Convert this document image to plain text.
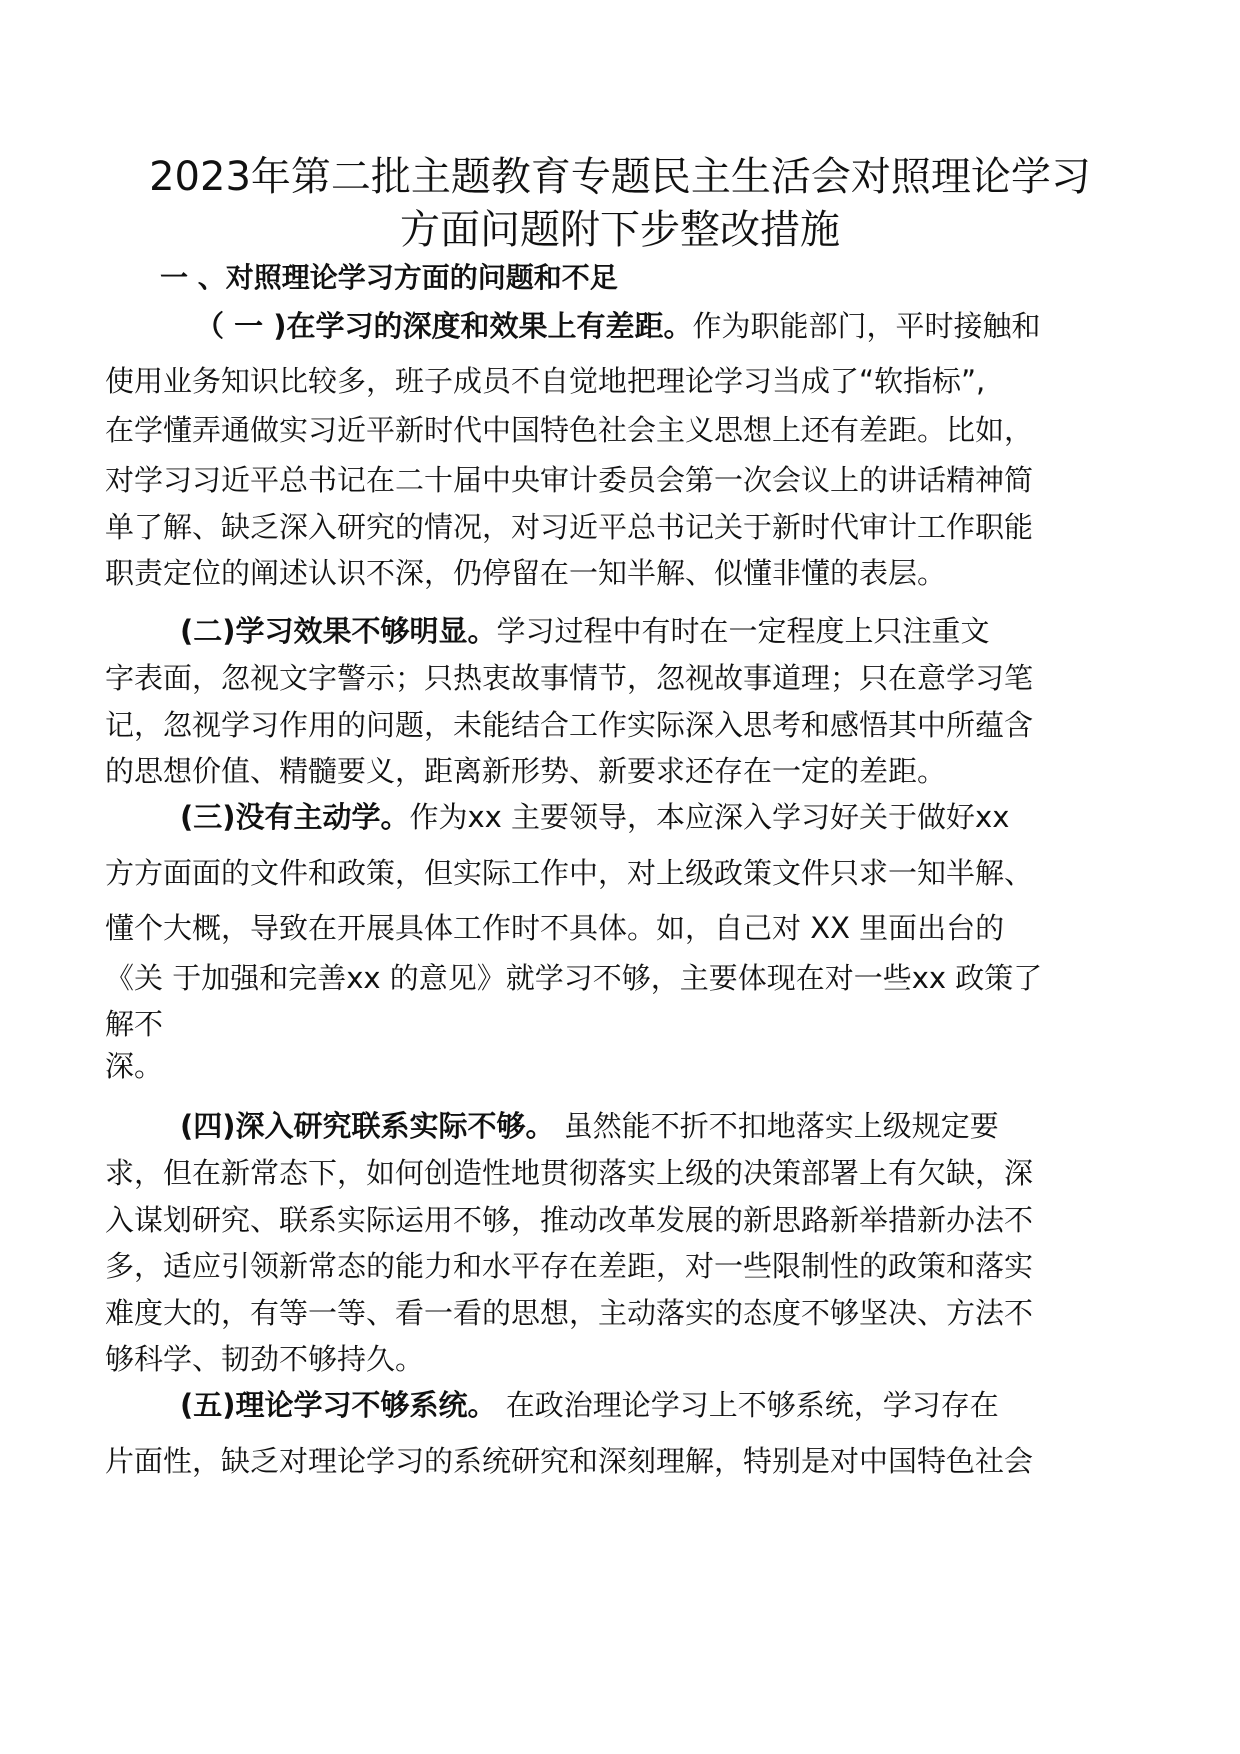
2023年第二批主题教育专题民主生活会对照理论学习
方面问题附下步整改措施

一 、对照理论学习方面的问题和不足

（ 一 )在学习的深度和效果上有差距。作为职能部门，平时接触和

使用业务知识比较多，班子成员不自觉地把理论学习当成了“软指标”,

在学懂弄通做实习近平新时代中国特色社会主义思想上还有差距。比如，

对学习习近平总书记在二十届中央审计委员会第一次会议上的讲话精神简

单了解、缺乏深入研究的情况，对习近平总书记关于新时代审计工作职能

职责定位的阐述认识不深，仍停留在一知半解、似懂非懂的表层。

(二)学习效果不够明显。学习过程中有时在一定程度上只注重文

字表面，忽视文字警示；只热衷故事情节，忽视故事道理；只在意学习笔

记，忽视学习作用的问题，未能结合工作实际深入思考和感悟其中所蕴含

的思想价值、精髓要义，距离新形势、新要求还存在一定的差距。

(三)没有主动学。作为xx 主要领导，本应深入学习好关于做好xx

方方面面的文件和政策，但实际工作中，对上级政策文件只求一知半解、

懂个大概，导致在开展具体工作时不具体。如，自己对 XX 里面出台的

《关 于加强和完善xx 的意见》就学习不够，主要体现在对一些xx 政策了

解不

深。

(四)深入研究联系实际不够。 虽然能不折不扣地落实上级规定要

求，但在新常态下，如何创造性地贯彻落实上级的决策部署上有欠缺，深

入谋划研究、联系实际运用不够，推动改革发展的新思路新举措新办法不

多，适应引领新常态的能力和水平存在差距，对一些限制性的政策和落实

难度大的，有等一等、看一看的思想，主动落实的态度不够坚决、方法不

够科学、韧劲不够持久。

(五)理论学习不够系统。 在政治理论学习上不够系统，学习存在

片面性，缺乏对理论学习的系统研究和深刻理解，特别是对中国特色社会
